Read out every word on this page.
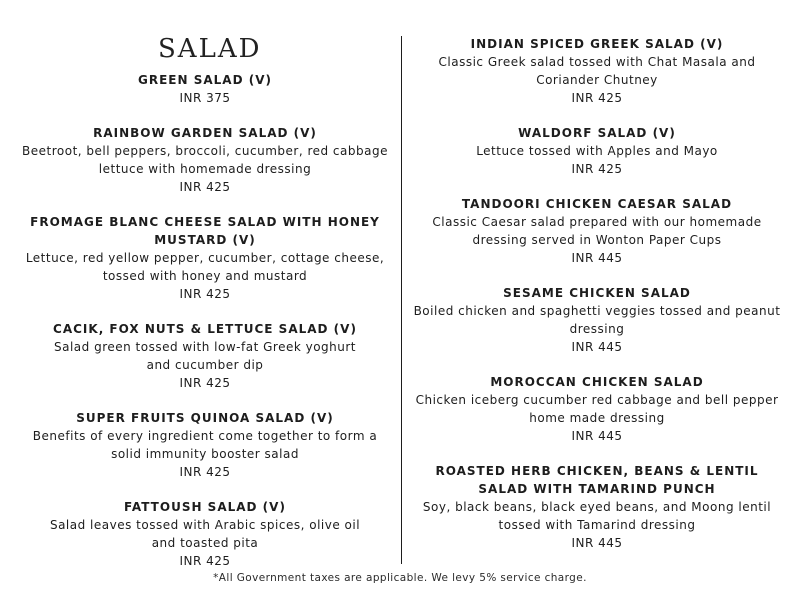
SALAD

GREEN SALAD (V)

INR 375

RAINBOW GARDEN SALAD (V)

Beetroot, bell peppers, broccoli, cucumber, red cabbage lettuce with homemade dressing

INR 425

FROMAGE BLANC CHEESE SALAD WITH HONEY MUSTARD (V)

Lettuce, red yellow pepper, cucumber, cottage cheese, tossed with honey and mustard

INR 425

CACIK, FOX NUTS & LETTUCE SALAD (V)

Salad green tossed with low-fat Greek yoghurt and cucumber dip

INR 425

SUPER FRUITS QUINOA SALAD (V)

Benefits of every ingredient come together to form a solid immunity booster salad

INR 425

FATTOUSH SALAD (V)

Salad leaves tossed with Arabic spices, olive oil and toasted pita

INR 425

INDIAN SPICED GREEK SALAD (V)

Classic Greek salad tossed with Chat Masala and Coriander Chutney

INR 425

WALDORF SALAD (V)

Lettuce tossed with Apples and Mayo

INR 425

TANDOORI CHICKEN CAESAR SALAD

Classic Caesar salad prepared with our homemade dressing served in Wonton Paper Cups

INR 445

SESAME CHICKEN SALAD

Boiled chicken and spaghetti veggies tossed and peanut dressing

INR 445

MOROCCAN CHICKEN SALAD

Chicken iceberg cucumber red cabbage and bell pepper home made dressing

INR 445

ROASTED HERB CHICKEN, BEANS & LENTIL SALAD WITH TAMARIND PUNCH

Soy, black beans, black eyed beans, and Moong lentil tossed with Tamarind dressing

INR 445

*All Government taxes are applicable. We levy 5% service charge.
